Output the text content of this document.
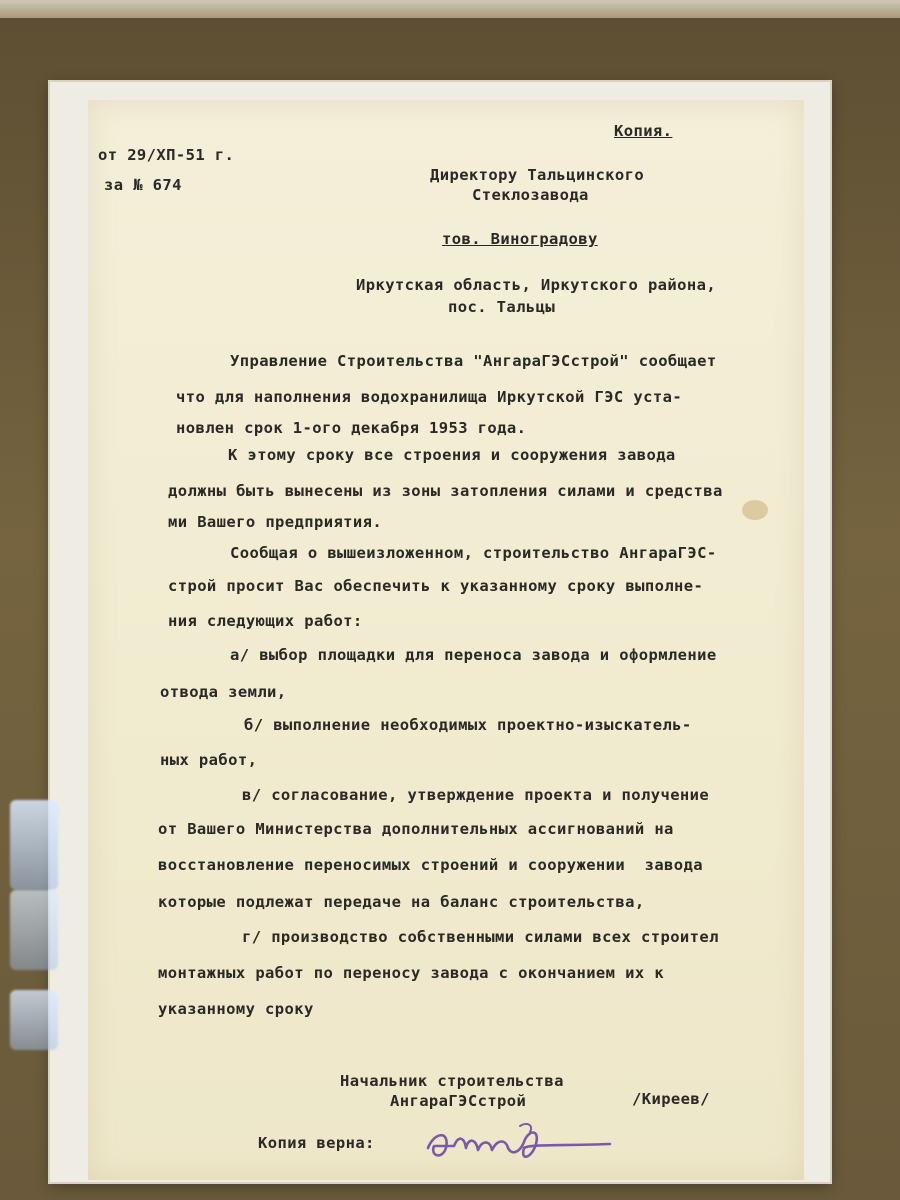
Копия.

от 29/XП-51 г.

за № 674

Директору Тальцинского

Стеклозавода

тов. Виноградову

Иркутская область, Иркутского района,

пос. Тальцы

Управление Строительства "АнгараГЭСстрой" сообщает

что для наполнения водохранилища Иркутской ГЭС уста-

новлен срок 1-ого декабря 1953 года.

К этому сроку все строения и сооружения завода

должны быть вынесены из зоны затопления силами и средства

ми Вашего предприятия.

Сообщая о вышеизложенном, строительство АнгараГЭС-

строй просит Вас обеспечить к указанному сроку выполне-

ния следующих работ:

а/ выбор площадки для переноса завода и оформление

отвода земли,

б/ выполнение необходимых проектно-изыскатель-

ных работ,

в/ согласование, утверждение проекта и получение

от Вашего Министерства дополнительных ассигнований на

восстановление переносимых строений и сооружении  завода

которые подлежат передаче на баланс строительства,

г/ производство собственными силами всех строител

монтажных работ по переносу завода с окончанием их к

указанному сроку

Начальник строительства

АнгараГЭСстрой	/Киреев/

Копия верна:
